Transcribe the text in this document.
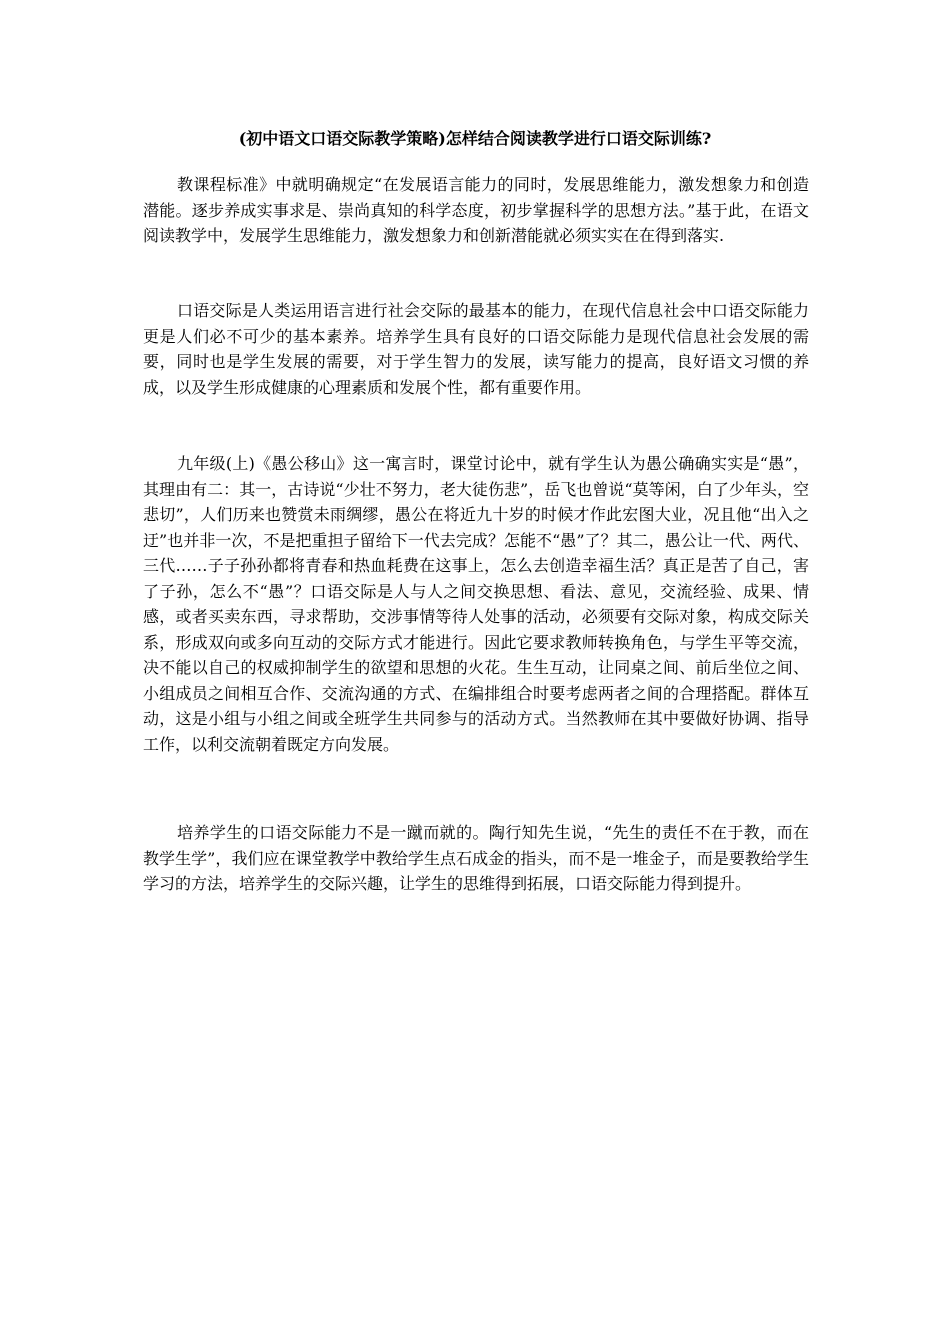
(初中语文口语交际教学策略)怎样结合阅读教学进行口语交际训练?

教课程标准》中就明确规定“在发展语言能力的同时，发展思维能力，激发想象力和创造潜能。逐步养成实事求是、崇尚真知的科学态度，初步掌握科学的思想方法。”基于此，在语文阅读教学中，发展学生思维能力，激发想象力和创新潜能就必须实实在在得到落实.

口语交际是人类运用语言进行社会交际的最基本的能力，在现代信息社会中口语交际能力更是人们必不可少的基本素养。培养学生具有良好的口语交际能力是现代信息社会发展的需要，同时也是学生发展的需要，对于学生智力的发展，读写能力的提高，良好语文习惯的养成，以及学生形成健康的心理素质和发展个性，都有重要作用。

九年级(上)《愚公移山》这一寓言时，课堂讨论中，就有学生认为愚公确确实实是“愚”，其理由有二：其一，古诗说“少壮不努力，老大徒伤悲”，岳飞也曾说“莫等闲，白了少年头，空悲切”，人们历来也赞赏未雨绸缪，愚公在将近九十岁的时候才作此宏图大业，况且他“出入之迂”也并非一次，不是把重担子留给下一代去完成？怎能不“愚”了？其二，愚公让一代、两代、三代……子子孙孙都将青春和热血耗费在这事上，怎么去创造幸福生活？真正是苦了自己，害了子孙，怎么不“愚”？口语交际是人与人之间交换思想、看法、意见，交流经验、成果、情感，或者买卖东西，寻求帮助，交涉事情等待人处事的活动，必须要有交际对象，构成交际关系，形成双向或多向互动的交际方式才能进行。因此它要求教师转换角色，与学生平等交流，决不能以自己的权威抑制学生的欲望和思想的火花。生生互动，让同桌之间、前后坐位之间、小组成员之间相互合作、交流沟通的方式、在编排组合时要考虑两者之间的合理搭配。群体互动，这是小组与小组之间或全班学生共同参与的活动方式。当然教师在其中要做好协调、指导工作，以利交流朝着既定方向发展。

培养学生的口语交际能力不是一蹴而就的。陶行知先生说，“先生的责任不在于教，而在教学生学”，我们应在课堂教学中教给学生点石成金的指头，而不是一堆金子，而是要教给学生学习的方法，培养学生的交际兴趣，让学生的思维得到拓展，口语交际能力得到提升。
